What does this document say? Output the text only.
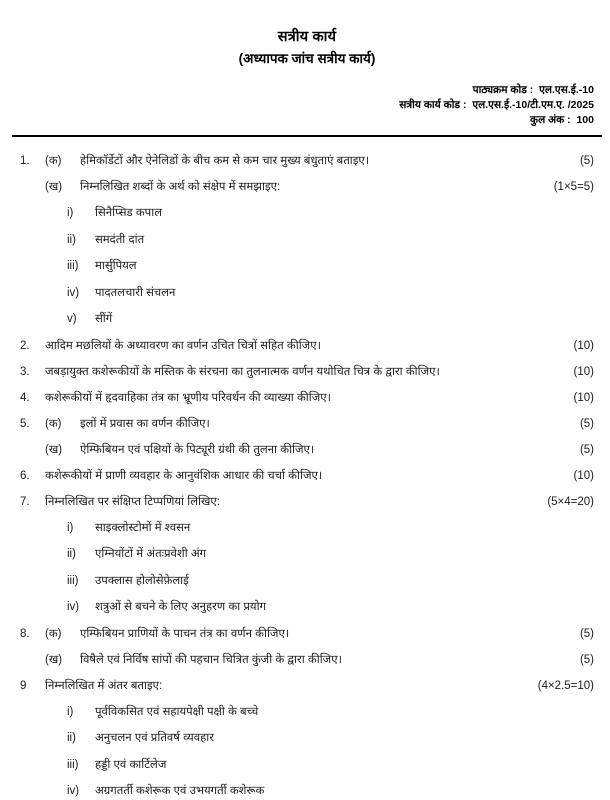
सत्रीय कार्य
(अध्यापक जांच सत्रीय कार्य)
पाठ्यक्रम कोड : एल.एस.ई.-10
सत्रीय कार्य कोड : एल.एस.ई.-10/टी.एम.ए. /2025
कुल अंक : 100
1.	(क)	हेमिकॉर्डेटों और ऐनेलिडों के बीच कम से कम चार मुख्य बंधुताएं बताइए।	(5)
(ख)	निम्नलिखित शब्दों के अर्थ को संक्षेप में समझाइए:	(1×5=5)
i)	सिनैप्सिड कपाल
ii)	समदंती दांत
iii)	मार्सुपियल
iv)	पादतलचारी संचलन
v)	सींगें
2.	आदिम मछलियों के अध्यावरण का वर्णन उचित चित्रों सहित कीजिए।	(10)
3.	जबड़ायुक्त कशेरूकीयों के मस्तिक के संरचना का तुलनात्मक वर्णन यथोचित चित्र के द्वारा कीजिए।	(10)
4.	कशेरूकीयों में हृदवाहिका तंत्र का भ्रूणीय परिवर्धन की व्याख्या कीजिए।	(10)
5.	(क)	इलों में प्रवास का वर्णन कीजिए।	(5)
(ख)	ऐम्फिबियन एवं पक्षियों के पिट्यूरी ग्रंथी की तुलना कीजिए।	(5)
6.	कशेरूकीयों में प्राणी व्यवहार के आनुवंशिक आधार की चर्चा कीजिए।	(10)
7.	निम्नलिखित पर संक्षिप्त टिप्पणियां लिखिए:	(5×4=20)
i)	साइक्लोस्टोमों में श्वसन
ii)	एम्नियोंटों में अंतःप्रवेशी अंग
iii)	उपक्लास होलोसेफ़ेलाई
iv)	शत्रुओं से बचने के लिए अनुहरण का प्रयोग
8.	(क)	एम्फिबियन प्राणियों के पाचन तंत्र का वर्णन कीजिए।	(5)
(ख)	विषैले एवं निर्विष सांपों की पहचान चित्रित कुंजी के द्वारा कीजिए।	(5)
9	निम्नलिखित में अंतर बताइए:	(4×2.5=10)
i)	पूर्वविकसित एवं सहायपेक्षी पक्षी के बच्चे
ii)	अनुचलन एवं प्रतिवर्ष व्यवहार
iii)	हड्डी एवं कार्टिलेज
iv)	अग्रगतर्ती कशेरूक एवं उभयगर्ती कशेरूक
